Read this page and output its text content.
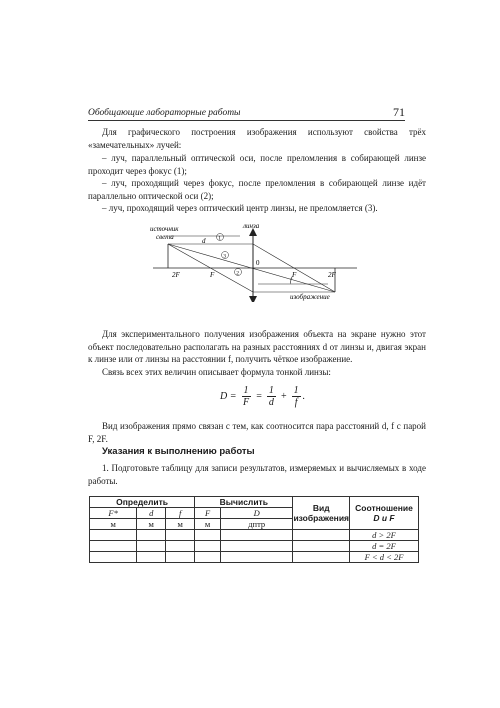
Обобщающие лабораторные работы	71
Для графического построения изображения используют свойства трёх «замечательных» лучей:
– луч, параллельный оптической оси, после преломления в собирающей линзе проходит через фокус (1);
– луч, проходящий через фокус, после преломления в собирающей линзе идёт параллельно оптической оси (2);
– луч, проходящий через оптический центр линзы, не преломляется (3).
источник
света
линза
изображение
d
f
0
F	F
2F	2F
1
2
3
Для экспериментального получения изображения объекта на экране нужно этот объект последовательно располагать на разных расстояниях d от линзы и, двигая экран к линзе или от линзы на расстоянии f, получить чёткое изображение.
Связь всех этих величин описывает формула тонкой линзы:
$D = \frac{1}{F} = \frac{1}{d} + \frac{1}{f}$ .
Вид изображения прямо связан с тем, как соотносится пара расстояний d, f с парой F, 2F.
Указания к выполнению работы
1. Подготовьте таблицу для записи результатов, измеряемых и вычисляемых в ходе работы.
Определить			Вычислить		Вид изображения	Соотношение
D и F
F*	d	f	F	D		
м	м	м	м	дптр		
						d > 2F
						d = 2F
						F < d < 2F
